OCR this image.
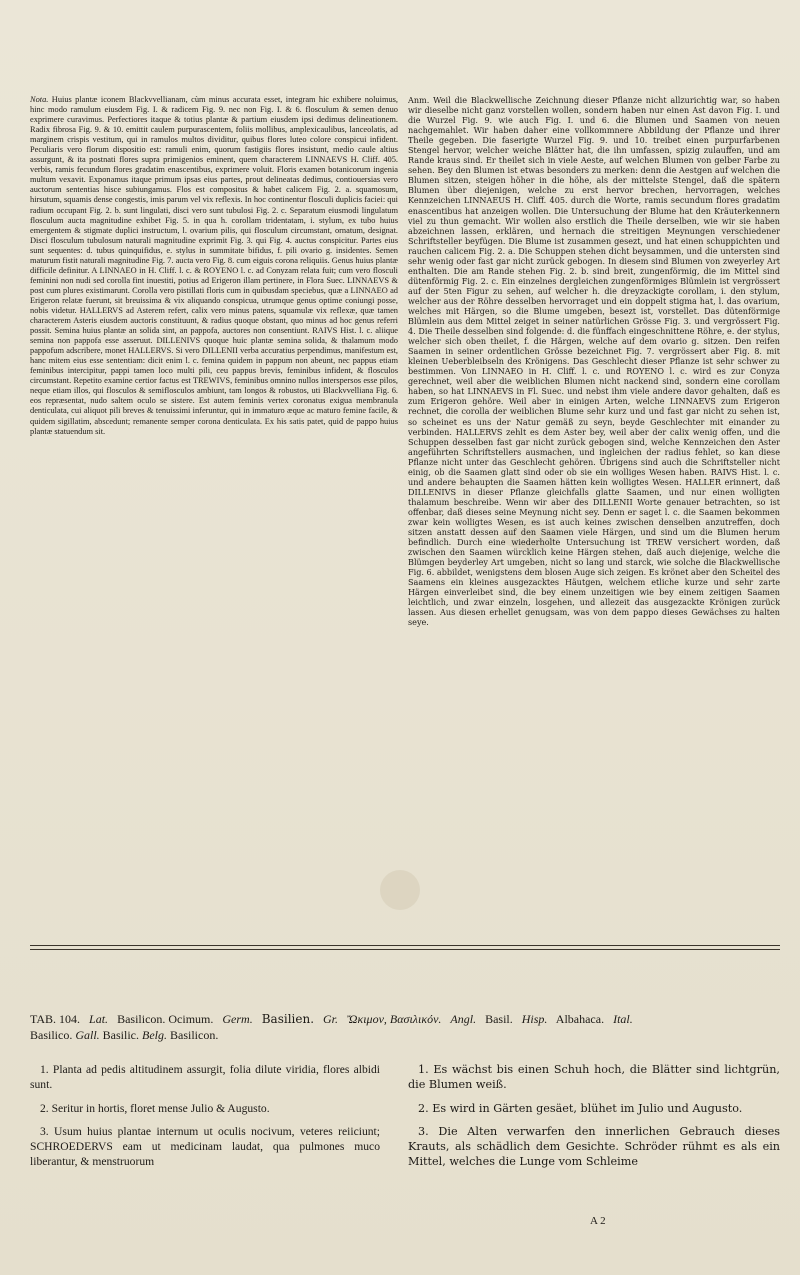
Nota. Huius plantæ iconem Blackvvellianam, cùm minus accurata esset, integram hic exhibere noluimus, hinc modo ramulum eiusdem Fig. I. & radicem Fig. 9. nec non Fig. I. & 6. flosculum & semen denuo exprimere curavimus. Perfectiores itaque & totius plantæ & partium eiusdem ipsi dedimus delineationem. Radix fibrosa Fig. 9. & 10. emittit caulem purpurascentem, foliis mollibus, amplexicaulibus, lanceolatis, ad marginem crispis vestitum, qui in ramulos multos dividitur, quibus flores luteo colore conspicui infident. Peculiaris vero florum dispositio est: ramuli enim, quorum fastigiis flores insistunt, medio caule altius assurgunt, & ita postnati flores supra primigenios eminent, quem characterem LINNAEVS H. Cliff. 405. verbis, ramis fecundum flores gradatim enascentibus, exprimere voluit. Floris examen botanicorum ingenia multum vexavit. Exponamus itaque primum ipsas eius partes, prout delineatas dedimus, contiouersias vero auctorum sententias hisce subiungamus. Flos est compositus & habet calicem Fig. 2. a. squamosum, hirsutum, squamis dense congestis, imis parum vel vix reflexis. In hoc continentur flosculi duplicis faciei: qui radium occupant Fig. 2. b. sunt lingulati, disci vero sunt tubulosi Fig. 2. c. Separatum eiusmodi lingulatum flosculum aucta magnitudine exhibet Fig. 5. in qua h. corollam tridentatam, i. stylum, ex tubo huius emergentem & stigmate duplici instructum, l. ovarium pilis, qui flosculum circumstant, ornatum, designat. Disci flosculum tubulosum naturali magnitudine exprimit Fig. 3. qui Fig. 4. auctus conspicitur. Partes eius sunt sequentes: d. tubus quinquifidus, e. stylus in summitate bifidus, f. pili ovario g. insidentes. Semen maturum fistit naturali magnitudine Fig. 7. aucta vero Fig. 8. cum eiguis corona reliquiis. Genus huius plantæ difficile definitur. A LINNAEO in H. Cliff. l. c. & ROYENO l. c. ad Conyzam relata fuit; cum vero flosculi feminini non nudi sed corolla fint inuestiti, potius ad Erigeron illam pertinere, in Flora Suec. LINNAEVS & post cum plures existimarunt. Corolla vero pistillati floris cum in quibusdam speciebus, quæ a LINNAEO ad Erigeron relatæ fuerunt, sit breuissima & vix aliquando conspicua, utrumque genus optime coniungi posse, nobis videtur. HALLERVS ad Asterem refert, calix vero minus patens, squamulæ vix reflexæ, quæ tamen characterem Asteris eiusdem auctoris constituunt, & radius quoque obstant, quo minus ad hoc genus referri possit. Semina huius plantæ an solida sint, an pappofa, auctores non consentiunt. RAIVS Hist. l. c. aliique semina non pappofa esse asseruut. DILLENIVS quoque huic plantæ semina solida, & thalamum modo pappofum adscribere, monet HALLERVS. Si vero DILLENII verba accuratius perpendimus, manifestum est, hanc mitem eius esse sententiam: dicit enim l. c. femina quidem in pappum non abeunt, nec pappus etiam feminibus intercipitur, pappi tamen loco multi pili, ceu pappus brevis, feminibus infident, & flosculos circumstant. Repetito examine certior factus est TREWIVS, feminibus omnino nullos interspersos esse pilos, neque etiam illos, qui flosculos & semiflosculos ambiunt, tam longos & robustos, uti Blackvvelliana Fig. 6. eos repræsentat, nudo saltem oculo se sistere. Est autem feminis vertex coronatus exigua membranula denticulata, cui aliquot pili breves & tenuissimi inferuntur, qui in immaturo æque ac maturo femine facile, & quidem sigillatim, abscedunt; remanente semper corona denticulata. Ex his satis patet, quid de pappo huius plantæ statuendum sit.

Anm. Weil die Blackwellische Zeichnung dieser Pflanze nicht allzurichtig war, so haben wir dieselbe nicht ganz vorstellen wollen, sondern haben nur einen Ast davon Fig. I. und die Wurzel Fig. 9. wie auch Fig. I. und 6. die Blumen und Saamen von neuen nachgemahlet. Wir haben daher eine vollkommnere Abbildung der Pflanze und ihrer Theile gegeben. Die faserigte Wurzel Fig. 9. und 10. treibet einen purpurfarbenen Stengel hervor, welcher weiche Blätter hat, die ihn umfassen, spizig zulauffen, und am Rande kraus sind. Er theilet sich in viele Aeste, auf welchen Blumen von gelber Farbe zu sehen. Bey den Blumen ist etwas besonders zu merken: denn die Aestgen auf welchen die Blumen sitzen, steigen höher in die höhe, als der mittelste Stengel, daß die spätern Blumen über diejenigen, welche zu erst hervor brechen, hervorragen, welches Kennzeichen LINNAEUS H. Cliff. 405. durch die Worte, ramis secundum flores gradatim enascentibus hat anzeigen wollen. Die Untersuchung der Blume hat den Kräuterkennern viel zu thun gemacht. Wir wollen also erstlich die Theile derselben, wie wir sie haben abzeichnen lassen, erklären, und hernach die streitigen Meynungen verschiedener Schriftsteller beyfügen. Die Blume ist zusammen gesezt, und hat einen schuppichten und rauchen calicem Fig. 2. a. Die Schuppen stehen dicht beysammen, und die untersten sind sehr wenig oder fast gar nicht zurück gebogen. In diesem sind Blumen von zweyerley Art enthalten. Die am Rande stehen Fig. 2. b. sind breit, zungenförmig, die im Mittel sind dütenförmig Fig. 2. c. Ein einzelnes dergleichen zungenförmiges Blümlein ist vergrössert auf der 5ten Figur zu sehen, auf welcher h. die dreyzackigte corollam, i. den stylum, welcher aus der Röhre desselben hervorraget und ein doppelt stigma hat, l. das ovarium, welches mit Härgen, so die Blume umgeben, besezt ist, vorstellet. Das dütenförmige Blümlein aus dem Mittel zeiget in seiner natürlichen Grösse Fig. 3. und vergrössert Fig. 4. Die Theile desselben sind folgende: d. die fünffach eingeschnittene Röhre, e. der stylus, welcher sich oben theilet, f. die Härgen, welche auf dem ovario g. sitzen. Den reifen Saamen in seiner ordentlichen Grösse bezeichnet Fig. 7. vergrössert aber Fig. 8. mit kleinen Ueberbleibseln des Krönigens. Das Geschlecht dieser Pflanze ist sehr schwer zu bestimmen. Von LINNAEO in H. Cliff. l. c. und ROYENO l. c. wird es zur Conyza gerechnet, weil aber die weiblichen Blumen nicht nackend sind, sondern eine corollam haben, so hat LINNAEVS in Fl. Suec. und nebst ihm viele andere davor gehalten, daß es zum Erigeron gehöre. Weil aber in einigen Arten, welche LINNAEVS zum Erigeron rechnet, die corolla der weiblichen Blume sehr kurz und und fast gar nicht zu sehen ist, so scheinet es uns der Natur gemäß zu seyn, beyde Geschlechter mit einander zu verbinden. HALLERVS zehlt es dem Aster bey, weil aber der calix wenig offen, und die Schuppen desselben fast gar nicht zurück gebogen sind, welche Kennzeichen den Aster angeführten Schriftstellers ausmachen, und ingleichen der radius fehlet, so kan diese Pflanze nicht unter das Geschlecht gehören. Übrigens sind auch die Schriftsteller nicht einig, ob die Saamen glatt sind oder ob sie ein wolliges Wesen haben. RAIVS Hist. l. c. und andere behaupten die Saamen hätten kein wolligtes Wesen. HALLER erinnert, daß DILLENIVS in dieser Pflanze gleichfalls glatte Saamen, und nur einen wolligten thalamum beschreibe. Wenn wir aber des DILLENII Worte genauer betrachten, so ist offenbar, daß dieses seine Meynung nicht sey. Denn er saget l. c. die Saamen bekommen zwar kein wolligtes Wesen, es ist auch keines zwischen denselben anzutreffen, doch sitzen anstatt dessen auf den Saamen viele Härgen, und sind um die Blumen herum befindlich. Durch eine wiederholte Untersuchung ist TREW versichert worden, daß zwischen den Saamen würcklich keine Härgen stehen, daß auch diejenige, welche die Blümgen beyderley Art umgeben, nicht so lang und starck, wie solche die Blackwellische Fig. 6. abbildet, wenigstens dem blosen Auge sich zeigen. Es krönet aber den Scheitel des Saamens ein kleines ausgezacktes Häutgen, welchem etliche kurze und sehr zarte Härgen einverleibet sind, die bey einem unzeitigen wie bey einem zeitigen Saamen leichtlich, und zwar einzeln, losgehen, und allezeit das ausgezackte Krönigen zurück lassen. Aus diesen erhellet genugsam, was von dem pappo dieses Gewächses zu halten seye.

TAB. 104. Lat. Basilicon. Ocimum. Germ. Basilien. Gr. Ὤκιμον, Βασιλικόν. Angl. Basil. Hisp. Albahaca. Ital.
Basilico. Gall. Basilic. Belg. Basilicon.

1. Planta ad pedis altitudinem assurgit, folia dilute viridia, flores albidi sunt.

2. Seritur in hortis, floret mense Julio & Augusto.

3. Usum huius plantae internum ut oculis nocivum, veteres reiiciunt; SCHROEDERVS eam ut medicinam laudat, qua pulmones muco liberantur, & menstruorum

1. Es wächst bis einen Schuh hoch, die Blätter sind lichtgrün, die Blumen weiß.

2. Es wird in Gärten gesäet, blühet im Julio und Augusto.

3. Die Alten verwarfen den innerlichen Gebrauch dieses Krauts, als schädlich dem Gesichte. Schröder rühmt es als ein Mittel, welches die Lunge vom Schleime

A 2
